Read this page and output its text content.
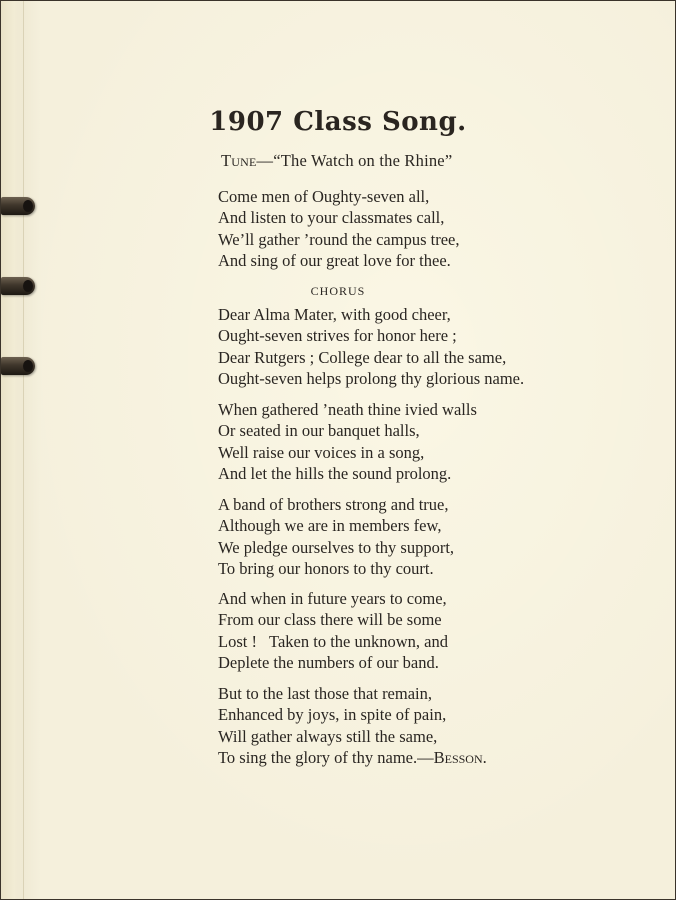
1907 Class Song.
Tune—“The Watch on the Rhine”
Come men of Oughty-seven all,
And listen to your classmates call,
We’ll gather ’round the campus tree,
And sing of our great love for thee.
CHORUS
Dear Alma Mater, with good cheer,
Ought-seven strives for honor here ;
Dear Rutgers ; College dear to all the same,
Ought-seven helps prolong thy glorious name.
When gathered ’neath thine ivied walls
Or seated in our banquet halls,
Well raise our voices in a song,
And let the hills the sound prolong.
A band of brothers strong and true,
Although we are in members few,
We pledge ourselves to thy support,
To bring our honors to thy court.
And when in future years to come,
From our class there will be some
Lost !   Taken to the unknown, and
Deplete the numbers of our band.
But to the last those that remain,
Enhanced by joys, in spite of pain,
Will gather always still the same,
To sing the glory of thy name.—Besson.
